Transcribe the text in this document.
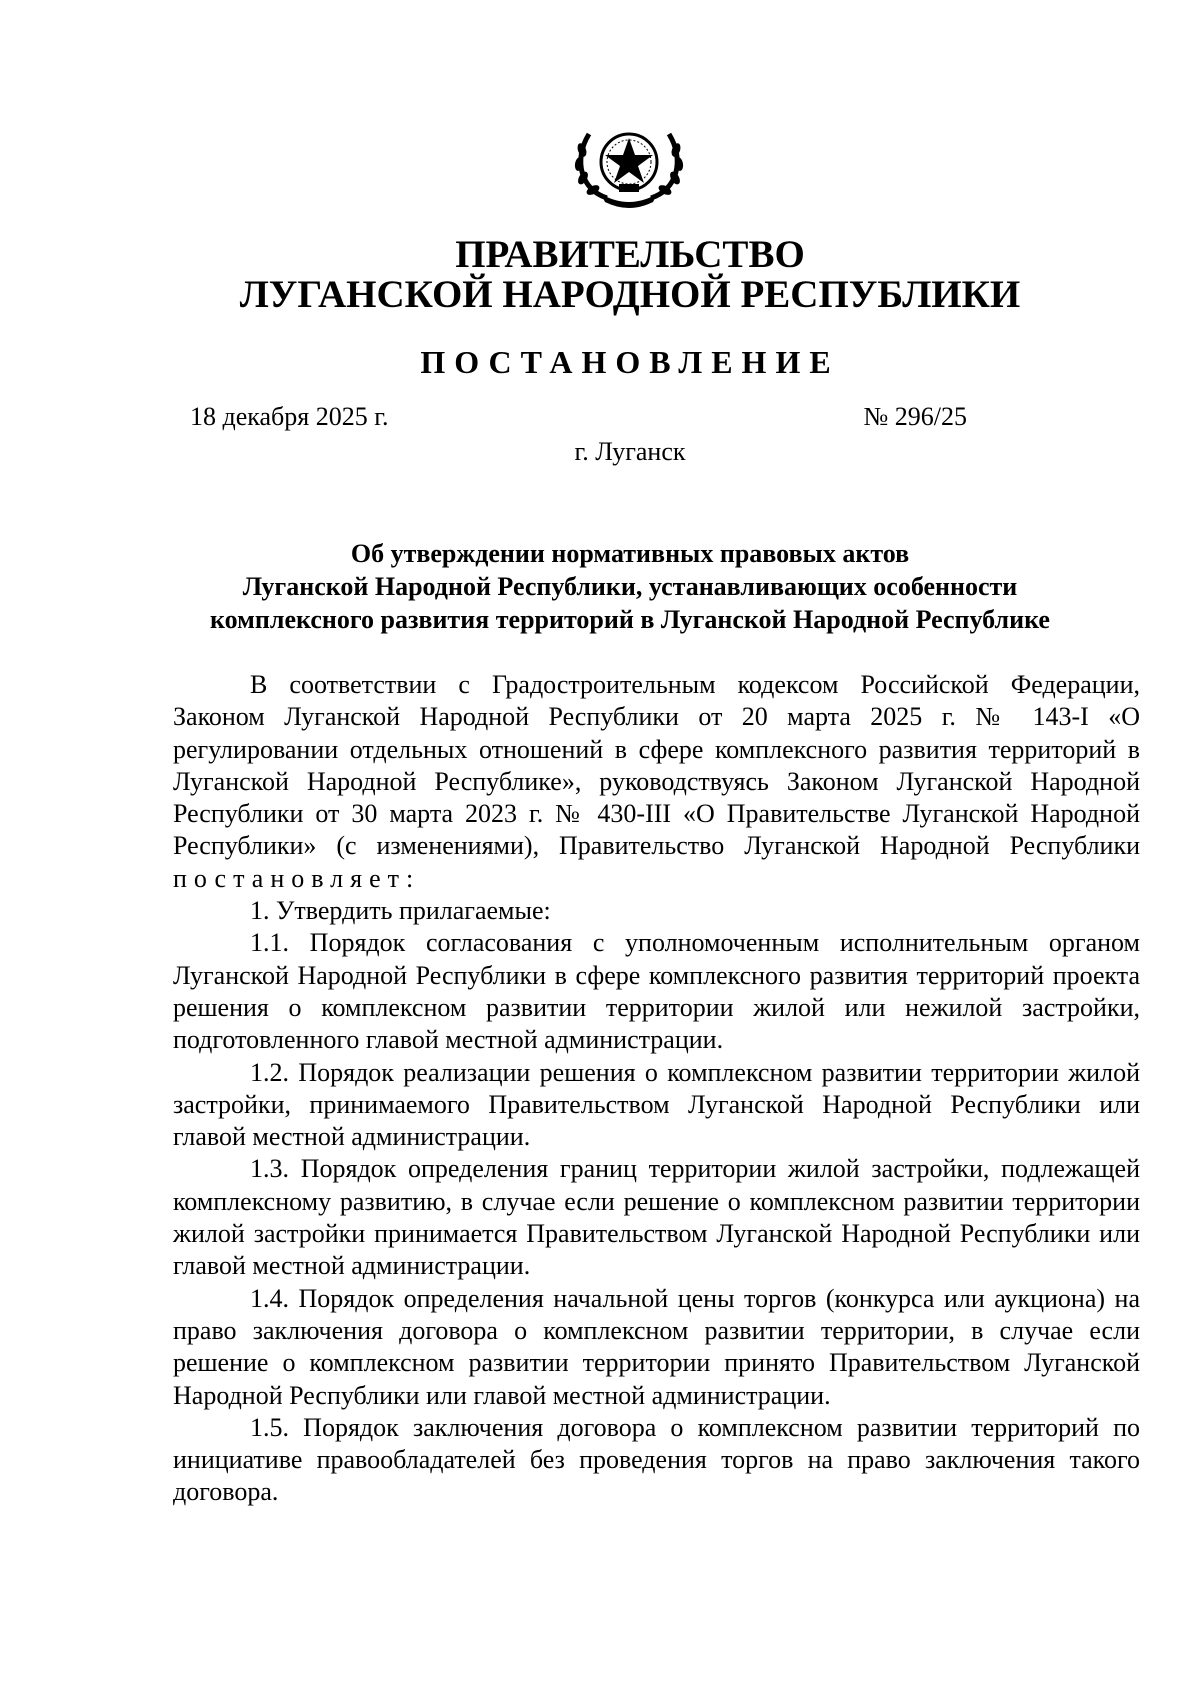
ПРАВИТЕЛЬСТВО
ЛУГАНСКОЙ НАРОДНОЙ РЕСПУБЛИКИ
ПОСТАНОВЛЕНИЕ
18 декабря 2025 г.	№ 296/25
г. Луганск
Об утверждении нормативных правовых актов
Луганской Народной Республики, устанавливающих особенности
комплексного развития территорий в Луганской Народной Республике

В соответствии с Градостроительным кодексом Российской Федерации, Законом Луганской Народной Республики от 20 марта 2025 г. № 143-I «О регулировании отдельных отношений в сфере комплексного развития территорий в Луганской Народной Республике», руководствуясь Законом Луганской Народной Республики от 30 марта 2023 г. № 430-III «О Правительстве Луганской Народной Республики» (с изменениями), Правительство Луганской Народной Республики постановляет:

1. Утвердить прилагаемые:

1.1. Порядок согласования с уполномоченным исполнительным органом Луганской Народной Республики в сфере комплексного развития территорий проекта решения о комплексном развитии территории жилой или нежилой застройки, подготовленного главой местной администрации.

1.2. Порядок реализации решения о комплексном развитии территории жилой застройки, принимаемого Правительством Луганской Народной Республики или главой местной администрации.

1.3. Порядок определения границ территории жилой застройки, подлежащей комплексному развитию, в случае если решение о комплексном развитии территории жилой застройки принимается Правительством Луганской Народной Республики или главой местной администрации.

1.4. Порядок определения начальной цены торгов (конкурса или аукциона) на право заключения договора о комплексном развитии территории, в случае если решение о комплексном развитии территории принято Правительством Луганской Народной Республики или главой местной администрации.

1.5. Порядок заключения договора о комплексном развитии территорий по инициативе правообладателей без проведения торгов на право заключения такого договора.
